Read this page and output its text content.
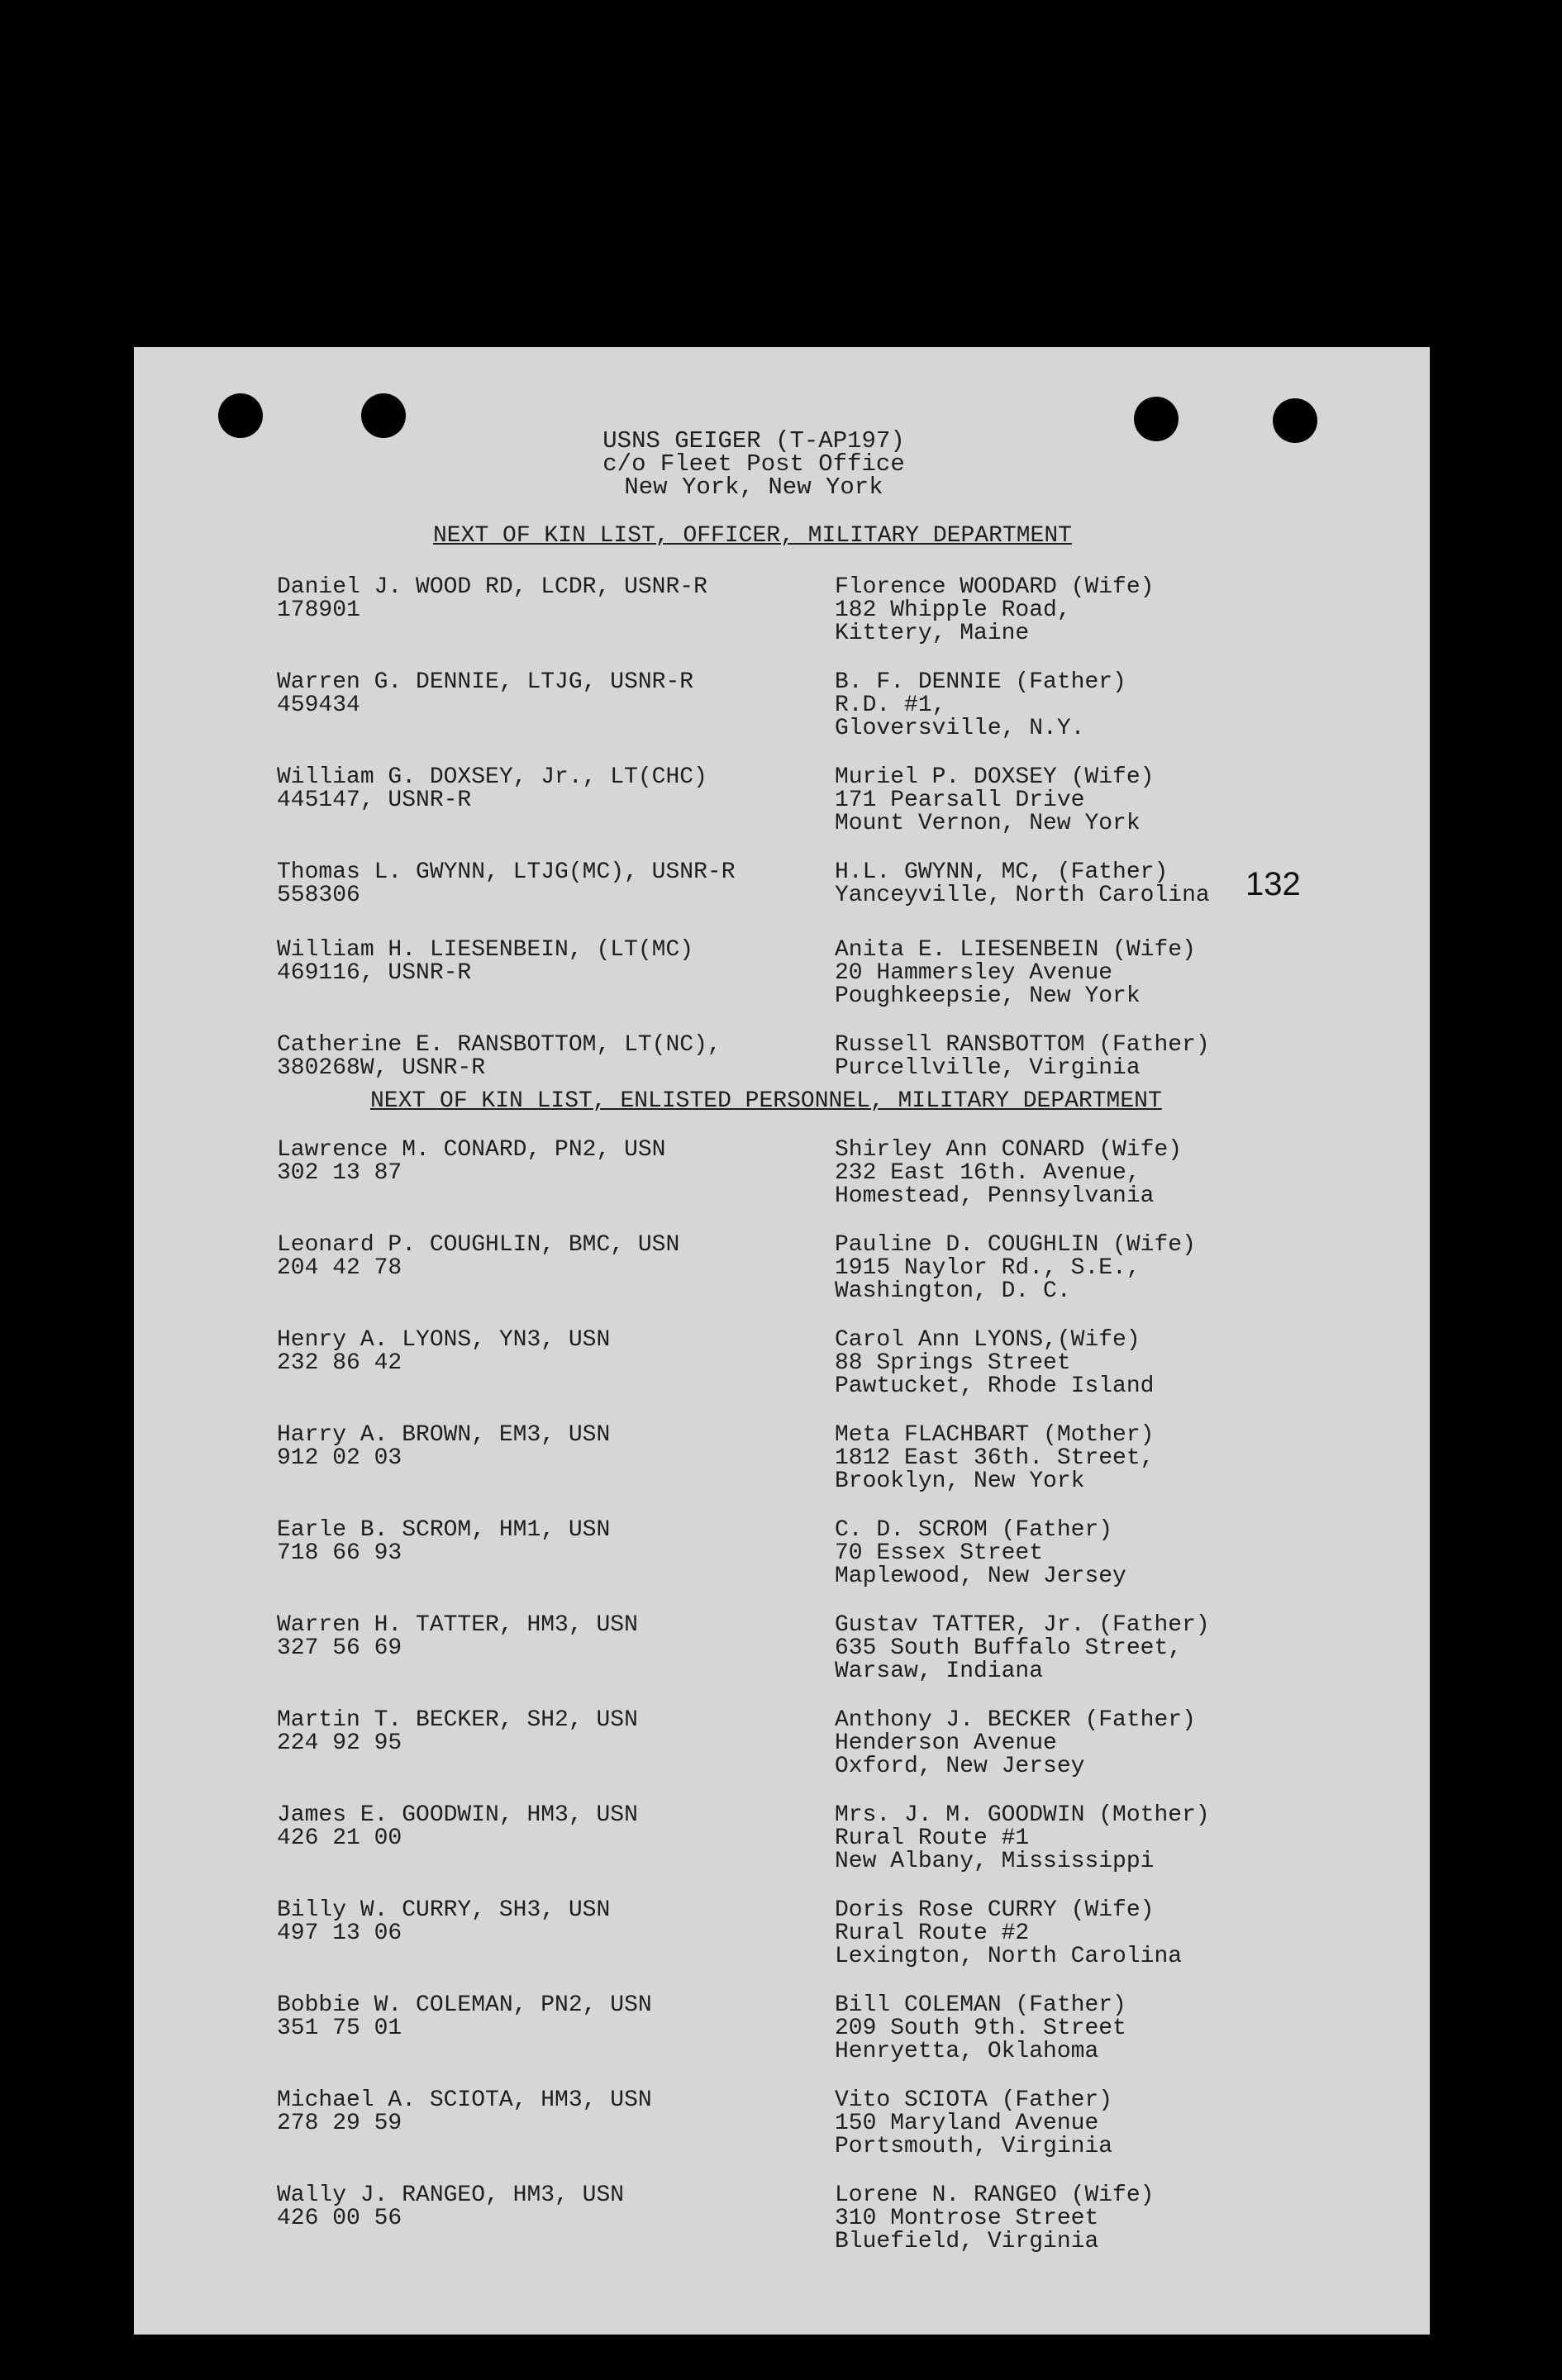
USNS GEIGER (T-AP197)
c/o Fleet Post Office
New York, New York
132
NEXT OF KIN LIST, OFFICER, MILITARY DEPARTMENT
Daniel J. WOOD RD, LCDR, USNR-R
178901
Florence WOODARD (Wife)
182 Whipple Road,
Kittery, Maine
Warren G. DENNIE, LTJG, USNR-R
459434
B. F. DENNIE (Father)
R.D. #1,
Gloversville, N.Y.
William G. DOXSEY, Jr., LT(CHC)
445147, USNR-R
Muriel P. DOXSEY (Wife)
171 Pearsall Drive
Mount Vernon, New York
Thomas L. GWYNN, LTJG(MC), USNR-R
558306
H.L. GWYNN, MC, (Father)
Yanceyville, North Carolina
William H. LIESENBEIN, (LT(MC)
469116, USNR-R
Anita E. LIESENBEIN (Wife)
20 Hammersley Avenue
Poughkeepsie, New York
Catherine E. RANSBOTTOM, LT(NC),
380268W, USNR-R
Russell RANSBOTTOM (Father)
Purcellville, Virginia
NEXT OF KIN LIST, ENLISTED PERSONNEL, MILITARY DEPARTMENT
Lawrence M. CONARD, PN2, USN
302 13 87
Shirley Ann CONARD (Wife)
232 East 16th. Avenue,
Homestead, Pennsylvania
Leonard P. COUGHLIN, BMC, USN
204 42 78
Pauline D. COUGHLIN (Wife)
1915 Naylor Rd., S.E.,
Washington, D. C.
Henry A. LYONS, YN3, USN
232 86 42
Carol Ann LYONS,(Wife)
88 Springs Street
Pawtucket, Rhode Island
Harry A. BROWN, EM3, USN
912 02 03
Meta FLACHBART (Mother)
1812 East 36th. Street,
Brooklyn, New York
Earle B. SCROM, HM1, USN
718 66 93
C. D. SCROM (Father)
70 Essex Street
Maplewood, New Jersey
Warren H. TATTER, HM3, USN
327 56 69
Gustav TATTER, Jr. (Father)
635 South Buffalo Street,
Warsaw, Indiana
Martin T. BECKER, SH2, USN
224 92 95
Anthony J. BECKER (Father)
Henderson Avenue
Oxford, New Jersey
James E. GOODWIN, HM3, USN
426 21 00
Mrs. J. M. GOODWIN (Mother)
Rural Route #1
New Albany, Mississippi
Billy W. CURRY, SH3, USN
497 13 06
Doris Rose CURRY (Wife)
Rural Route #2
Lexington, North Carolina
Bobbie W. COLEMAN, PN2, USN
351 75 01
Bill COLEMAN (Father)
209 South 9th. Street
Henryetta, Oklahoma
Michael A. SCIOTA, HM3, USN
278 29 59
Vito SCIOTA (Father)
150 Maryland Avenue
Portsmouth, Virginia
Wally J. RANGEO, HM3, USN
426 00 56
Lorene N. RANGEO (Wife)
310 Montrose Street
Bluefield, Virginia
